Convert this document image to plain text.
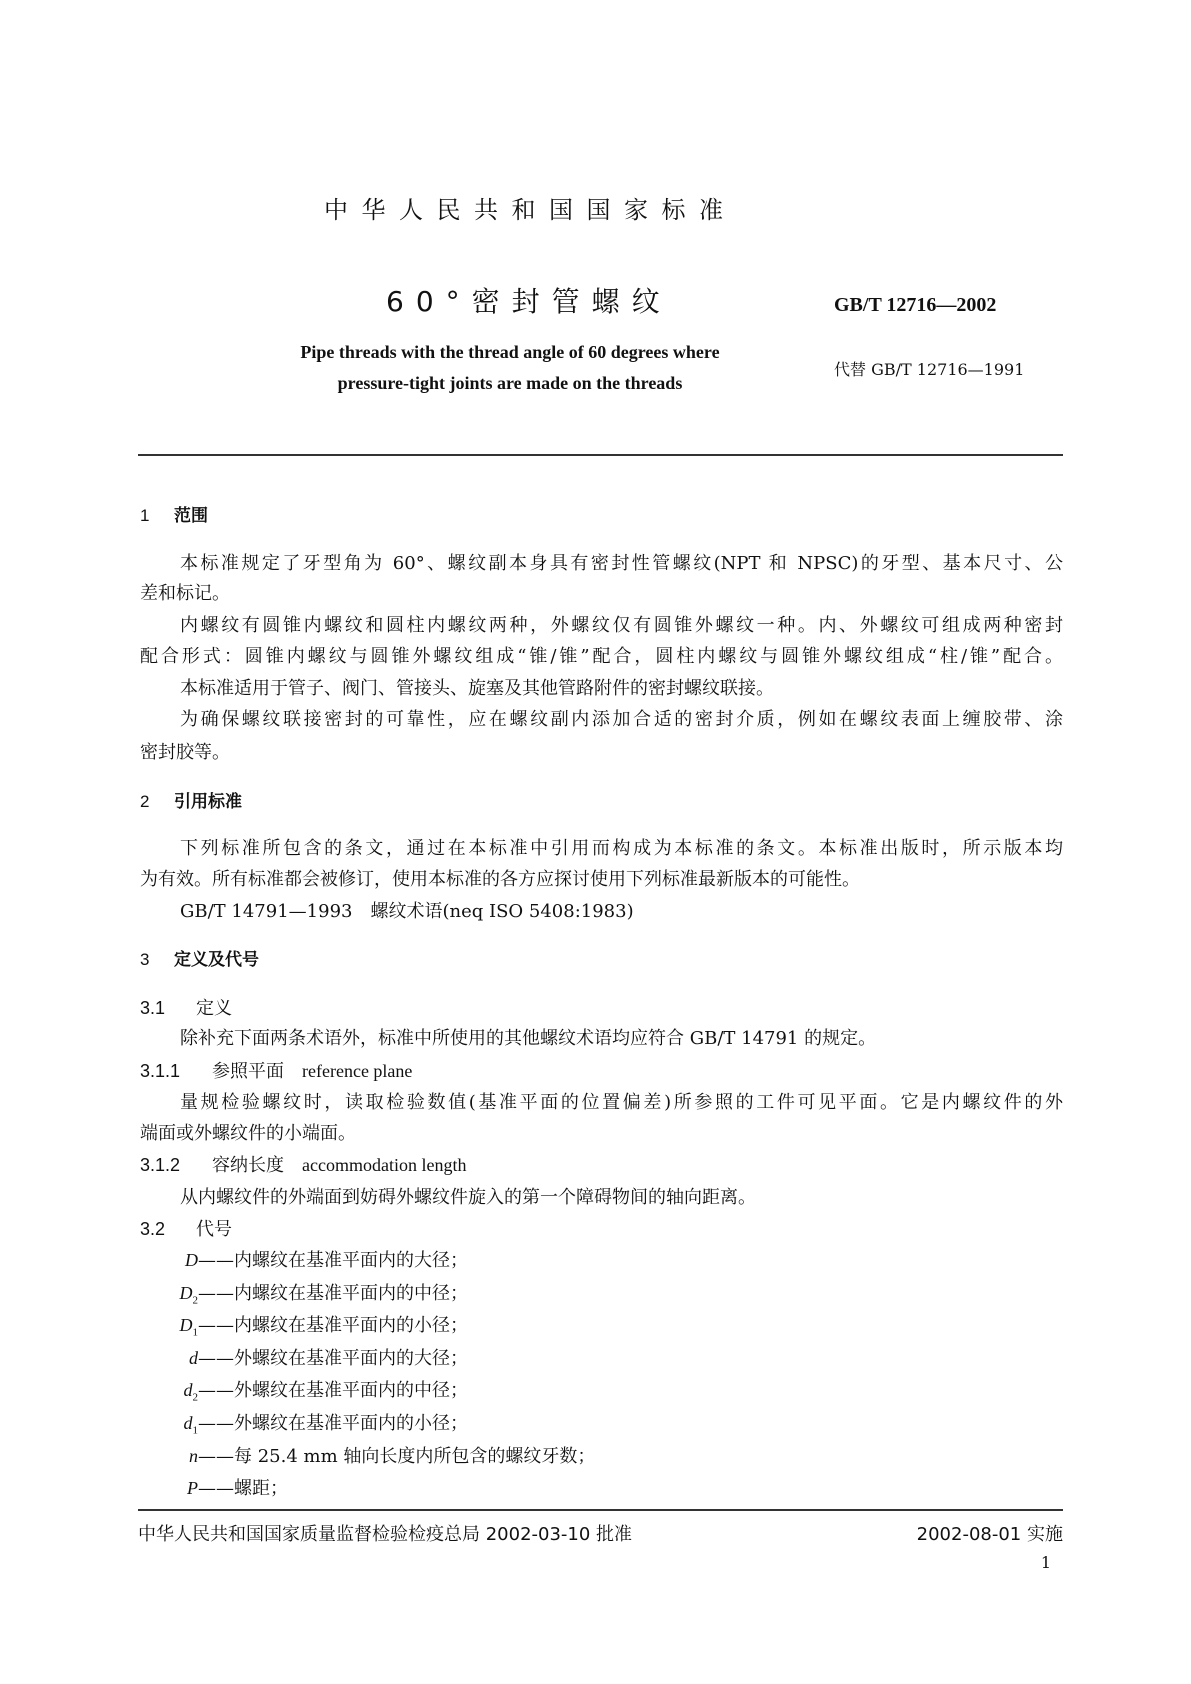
中华人民共和国国家标准
60°密封管螺纹	GB/T 12716—2002
Pipe threads with the thread angle of 60 degrees where
pressure-tight joints are made on the threads
代替 GB/T 12716—1991
1 范围
本标准规定了牙型角为 60°、螺纹副本身具有密封性管螺纹(NPT 和 NPSC)的牙型、基本尺寸、公
差和标记。
内螺纹有圆锥内螺纹和圆柱内螺纹两种，外螺纹仅有圆锥外螺纹一种。内、外螺纹可组成两种密封
配合形式：圆锥内螺纹与圆锥外螺纹组成“锥/锥”配合，圆柱内螺纹与圆锥外螺纹组成“柱/锥”配合。
本标准适用于管子、阀门、管接头、旋塞及其他管路附件的密封螺纹联接。
为确保螺纹联接密封的可靠性，应在螺纹副内添加合适的密封介质，例如在螺纹表面上缠胶带、涂
密封胶等。
2 引用标准
下列标准所包含的条文，通过在本标准中引用而构成为本标准的条文。本标准出版时，所示版本均
为有效。所有标准都会被修订，使用本标准的各方应探讨使用下列标准最新版本的可能性。
GB/T 14791—1993　螺纹术语(neq ISO 5408:1983)
3 定义及代号
3.1 定义
除补充下面两条术语外，标准中所使用的其他螺纹术语均应符合 GB/T 14791 的规定。
3.1.1 参照平面 reference plane
量规检验螺纹时，读取检验数值(基准平面的位置偏差)所参照的工件可见平面。它是内螺纹件的外
端面或外螺纹件的小端面。
3.1.2 容纳长度 accommodation length
从内螺纹件的外端面到妨碍外螺纹件旋入的第一个障碍物间的轴向距离。
3.2 代号
D——内螺纹在基准平面内的大径；
$D_2——$内螺纹在基准平面内的中径；
$D_1——$内螺纹在基准平面内的小径；
d——外螺纹在基准平面内的大径；
$d_2——$外螺纹在基准平面内的中径；
$d_1——$外螺纹在基准平面内的小径；
n——每 25.4 mm 轴向长度内所包含的螺纹牙数；
P——螺距；
中华人民共和国国家质量监督检验检疫总局 2002-03-10 批准	2002-08-01 实施
1
